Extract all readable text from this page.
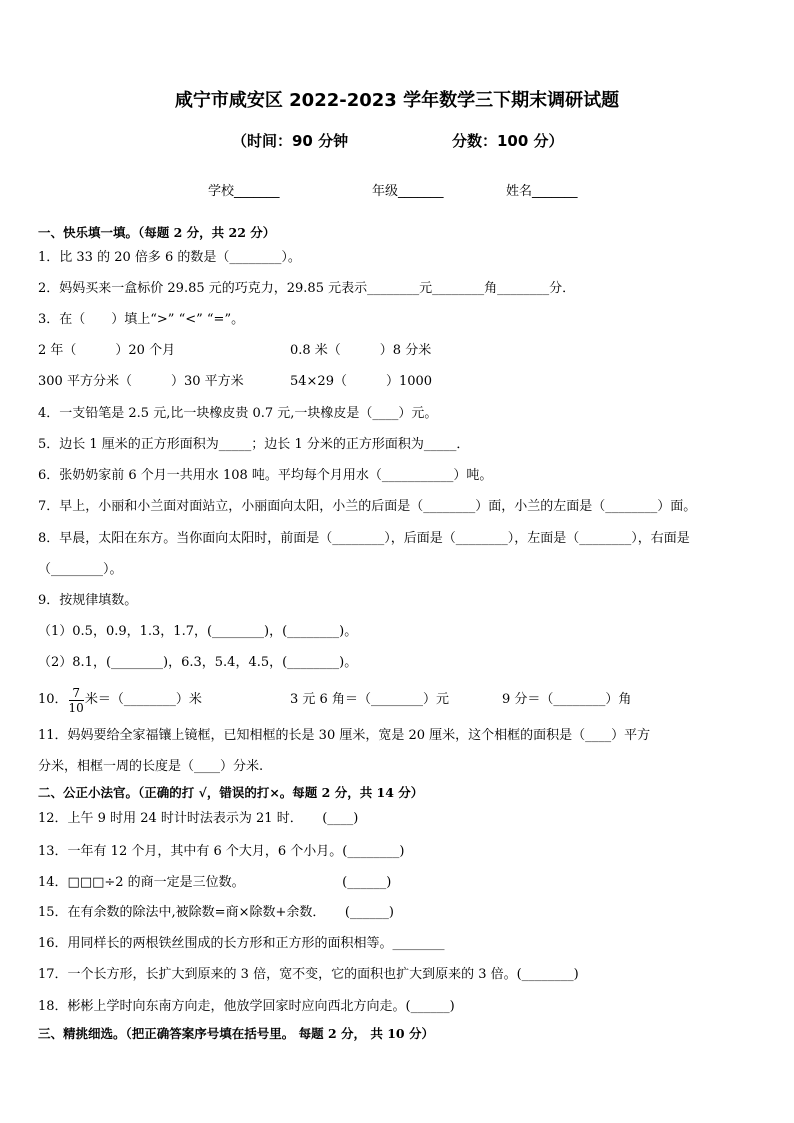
咸宁市咸安区 2022-2023 学年数学三下期末调研试题
（时间：90 分钟	分数：100 分）
学校_______	年级_______	姓名_______
一、快乐填一填。（每题 2 分，共 22 分）
1．比 33 的 20 倍多 6 的数是（________）。
2．妈妈买来一盒标价 29.85 元的巧克力，29.85 元表示________元________角________分．
3．在（　　）填上“>” “<” “=”。
2 年（　　　）20 个月	0.8 米（　　　）8 分米
300 平方分米（　　　）30 平方米	54×29（　　　）1000
4．一支铅笔是 2.5 元,比一块橡皮贵 0.7 元,一块橡皮是（____）元。
5．边长 1 厘米的正方形面积为_____；边长 1 分米的正方形面积为_____．
6．张奶奶家前 6 个月一共用水 108 吨。平均每个月用水（___________）吨。
7．早上，小丽和小兰面对面站立，小丽面向太阳，小兰的后面是（________）面，小兰的左面是（________）面。
8．早晨，太阳在东方。当你面向太阳时，前面是（________），后面是（________），左面是（________），右面是
（________）。
9．按规律填数。
（1）0.5，0.9，1.3，1.7，(________)，(________)。
（2）8.1，(________)，6.3，5.4，4.5，(________)。
10． $\frac{7}{10}$ 米＝（________）米	3 元 6 角＝（________）元	9 分＝（________）角
11．妈妈要给全家福镶上镜框，已知相框的长是 30 厘米，宽是 20 厘米，这个相框的面积是（____）平方
分米，相框一周的长度是（____）分米.
二、公正小法官。（正确的打 √，错误的打×。每题 2 分，共 14 分）
12．上午 9 时用 24 时计时法表示为 21 时．　　(____)
13．一年有 12 个月，其中有 6 个大月，6 个小月。(________)
14．□□□÷2 的商一定是三位数。　　　　　　　　(______)
15．在有余数的除法中,被除数=商×除数+余数．　　(______)
16．用同样长的两根铁丝围成的长方形和正方形的面积相等。________
17．一个长方形，长扩大到原来的 3 倍，宽不变，它的面积也扩大到原来的 3 倍。(________)
18．彬彬上学时向东南方向走，他放学回家时应向西北方向走。(______)
三、精挑细选。（把正确答案序号填在括号里。 每题 2 分， 共 10 分）
